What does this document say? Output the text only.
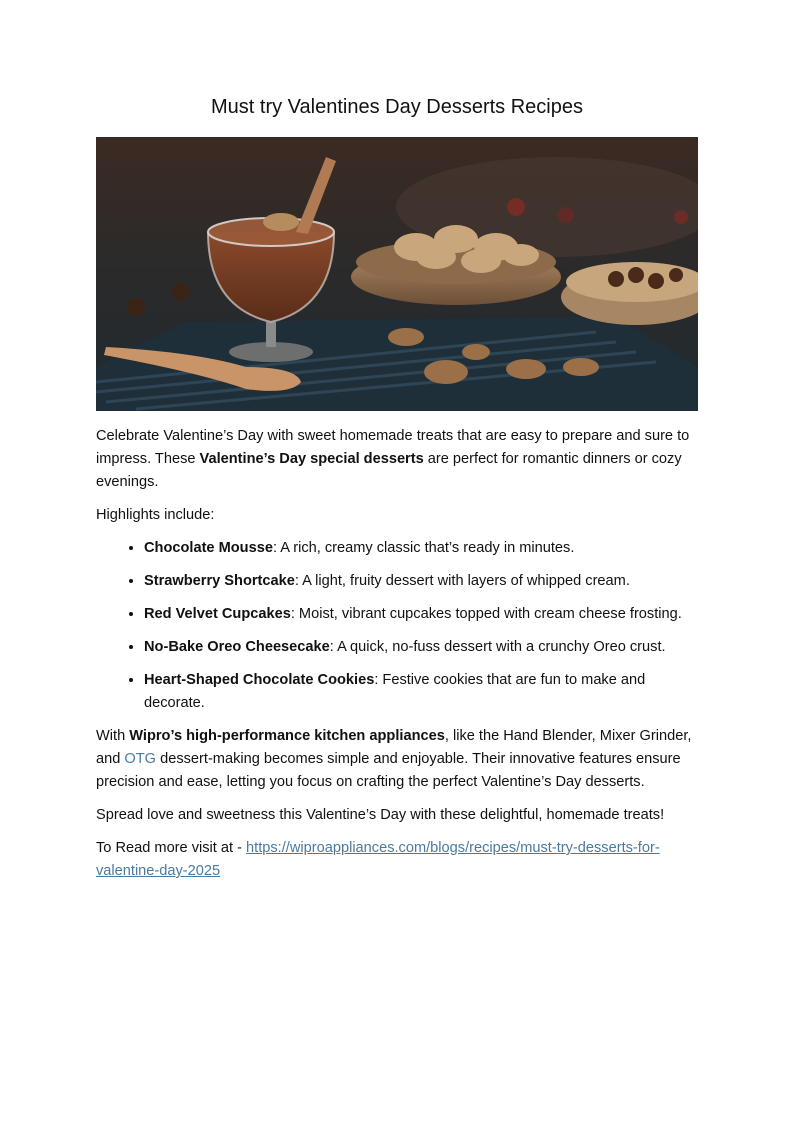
Must try Valentines Day Desserts Recipes

Celebrate Valentine’s Day with sweet homemade treats that are easy to prepare and sure to impress. These Valentine’s Day special desserts are perfect for romantic dinners or cozy evenings.

Highlights include:

• Chocolate Mousse: A rich, creamy classic that’s ready in minutes.
• Strawberry Shortcake: A light, fruity dessert with layers of whipped cream.
• Red Velvet Cupcakes: Moist, vibrant cupcakes topped with cream cheese frosting.
• No-Bake Oreo Cheesecake: A quick, no-fuss dessert with a crunchy Oreo crust.
• Heart-Shaped Chocolate Cookies: Festive cookies that are fun to make and decorate.

With Wipro’s high-performance kitchen appliances, like the Hand Blender, Mixer Grinder, and OTG dessert-making becomes simple and enjoyable. Their innovative features ensure precision and ease, letting you focus on crafting the perfect Valentine’s Day desserts.

Spread love and sweetness this Valentine’s Day with these delightful, homemade treats!

To Read more visit at - https://wiproappliances.com/blogs/recipes/must-try-desserts-for-valentine-day-2025
